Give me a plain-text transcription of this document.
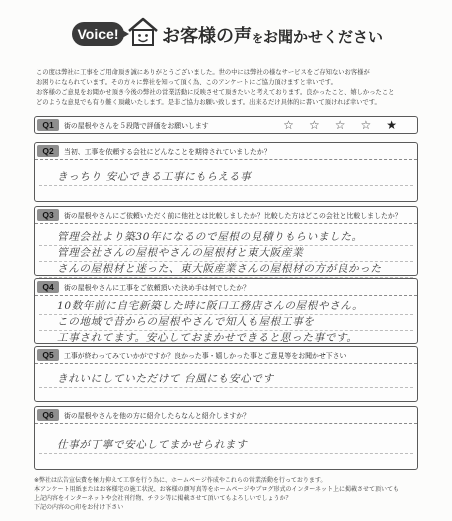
Voice!	お客様の声をお聞かせください
この度は弊社に工事をご用命頂き誠にありがとうございました。世の中には弊社の様なサービスをご存知ないお客様が
お困りになられています。その方々に弊社を知って頂く為、このアンケートにご協力頂けますと幸いです。
お客様のご意見をお聞かせ頂き今後の弊社の営業活動に反映させて頂きたいと考えております。良かったこと、嬉しかったこと
どのような意見でも有り難く頂戴いたします。是非ご協力お願い致します。出来るだけ具体的に書いて頂ければ幸いです。
Q1	街の屋根やさんを５段階で評価をお願いします	☆ ☆ ☆ ☆ ★
Q2	当初、工事を依頼する会社にどんなことを期待されていましたか？
きっちり 安心できる工事にもらえる事
Q3	街の屋根やさんにご依頼いただく前に他社とは比較しましたか？比較した方はどこの会社と比較しましたか？
管理会社より築30年になるので屋根の見積りもらいました。
管理会社さんの屋根やさんの屋根材と東大阪産業
さんの屋根材と迷った、東大阪産業さんの屋根材の方が良かった
Q4	街の屋根やさんに工事をご依頼頂いた決め手は何でしたか？
10数年前に自宅新築した時に阪口工務店さんの屋根やさん。
この地域で昔からの屋根やさんで知人も屋根工事を
工事されてます。安心しておまかせできると思った事です。
Q5	工事が終わってみていかがですか？良かった事・嬉しかった事とご意見等をお聞かせ下さい
きれいにしていただけて 台風にも安心です
Q6	街の屋根やさんを他の方に紹介したらなんと紹介しますか？
仕事が丁寧で安心してまかせられます
※弊社は広告宣伝費を極力抑えて工事を行う為に、ホームページ作成やこれらの営業活動を行っております。
本アンケート用紙またはお客様宅の施工状況、お客様の顔写真等をホームページやブログ形式のインターネット上に掲載させて頂いても
上記内容をインターネットや会社刊行物、チラシ等に掲載させて頂いてもよろしいでしょうか？
下記の内容の○印をお付け下さい
